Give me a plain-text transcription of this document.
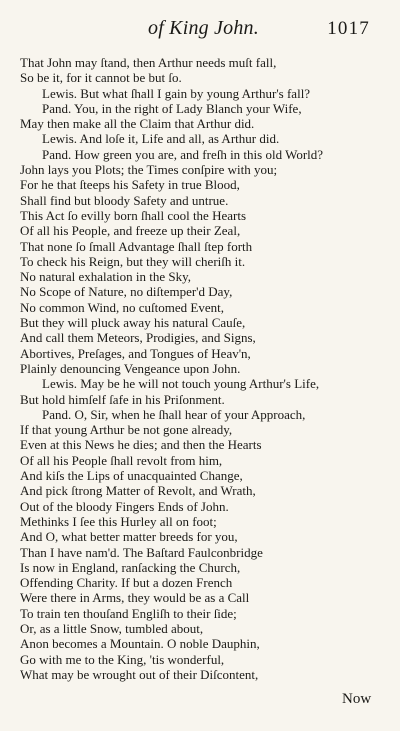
of King John.	1017
That John may ſtand, then Arthur needs muſt fall,
So be it, for it cannot be but ſo.
Lewis. But what ſhall I gain by young Arthur's fall?
Pand. You, in the right of Lady Blanch your Wife,
May then make all the Claim that Arthur did.
Lewis. And loſe it, Life and all, as Arthur did.
Pand. How green you are, and freſh in this old World?
John lays you Plots; the Times conſpire with you;
For he that ſteeps his Safety in true Blood,
Shall find but bloody Safety and untrue.
This Act ſo evilly born ſhall cool the Hearts
Of all his People, and freeze up their Zeal,
That none ſo ſmall Advantage ſhall ſtep forth
To check his Reign, but they will cheriſh it.
No natural exhalation in the Sky,
No Scope of Nature, no diſtemper'd Day,
No common Wind, no cuſtomed Event,
But they will pluck away his natural Cauſe,
And call them Meteors, Prodigies, and Signs,
Abortives, Preſages, and Tongues of Heav'n,
Plainly denouncing Vengeance upon John.
Lewis. May be he will not touch young Arthur's Life,
But hold himſelf ſafe in his Priſonment.
Pand. O, Sir, when he ſhall hear of your Approach,
If that young Arthur be not gone already,
Even at this News he dies; and then the Hearts
Of all his People ſhall revolt from him,
And kiſs the Lips of unacquainted Change,
And pick ſtrong Matter of Revolt, and Wrath,
Out of the bloody Fingers Ends of John.
Methinks I ſee this Hurley all on foot;
And O, what better matter breeds for you,
Than I have nam'd. The Baſtard Faulconbridge
Is now in England, ranſacking the Church,
Offending Charity. If but a dozen French
Were there in Arms, they would be as a Call
To train ten thouſand Engliſh to their ſide;
Or, as a little Snow, tumbled about,
Anon becomes a Mountain. O noble Dauphin,
Go with me to the King, 'tis wonderful,
What may be wrought out of their Diſcontent,
Now
